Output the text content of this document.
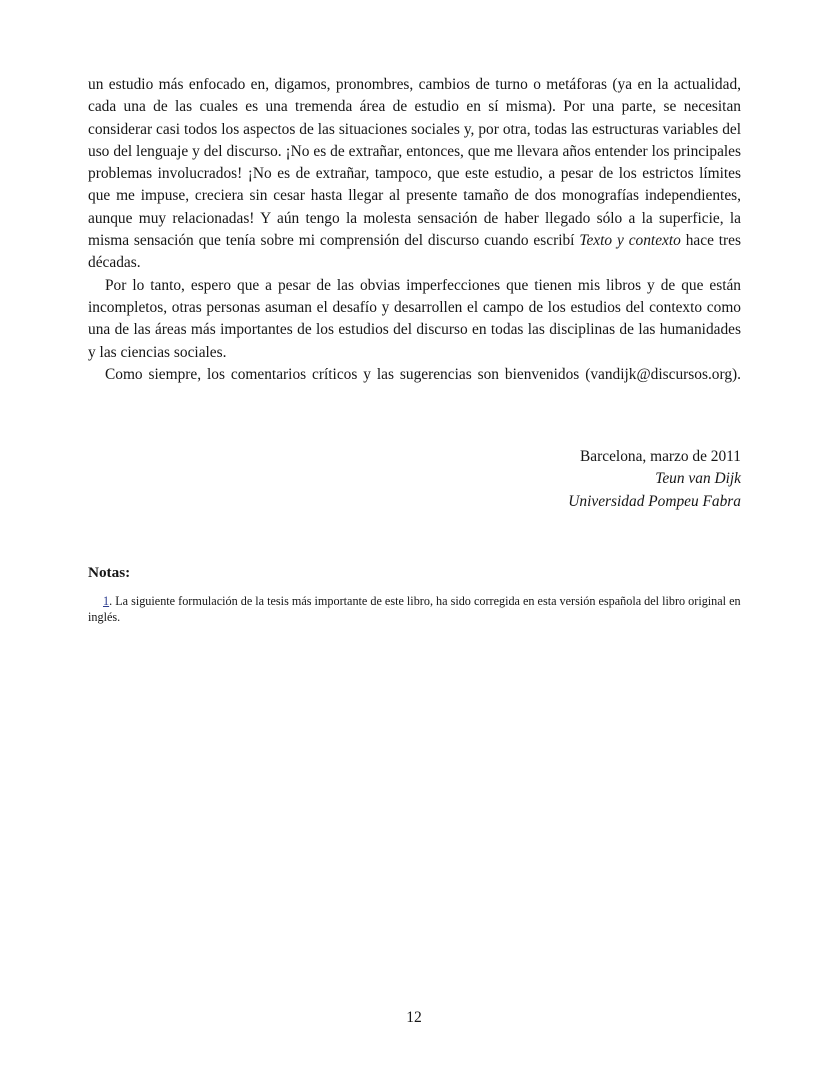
un estudio más enfocado en, digamos, pronombres, cambios de turno o metáforas (ya en la actualidad, cada una de las cuales es una tremenda área de estudio en sí misma). Por una parte, se necesitan considerar casi todos los aspectos de las situaciones sociales y, por otra, todas las estructuras variables del uso del lenguaje y del discurso. ¡No es de extrañar, entonces, que me llevara años entender los principales problemas involucrados! ¡No es de extrañar, tampoco, que este estudio, a pesar de los estrictos límites que me impuse, creciera sin cesar hasta llegar al presente tamaño de dos monografías independientes, aunque muy relacionadas! Y aún tengo la molesta sensación de haber llegado sólo a la superficie, la misma sensación que tenía sobre mi comprensión del discurso cuando escribí Texto y contexto hace tres décadas.

Por lo tanto, espero que a pesar de las obvias imperfecciones que tienen mis libros y de que están incompletos, otras personas asuman el desafío y desarrollen el campo de los estudios del contexto como una de las áreas más importantes de los estudios del discurso en todas las disciplinas de las humanidades y las ciencias sociales.

Como siempre, los comentarios críticos y las sugerencias son bienvenidos (vandijk@discursos.org).

Barcelona, marzo de 2011
Teun van Dijk
Universidad Pompeu Fabra
Notas:

1. La siguiente formulación de la tesis más importante de este libro, ha sido corregida en esta versión española del libro original en inglés.

12
